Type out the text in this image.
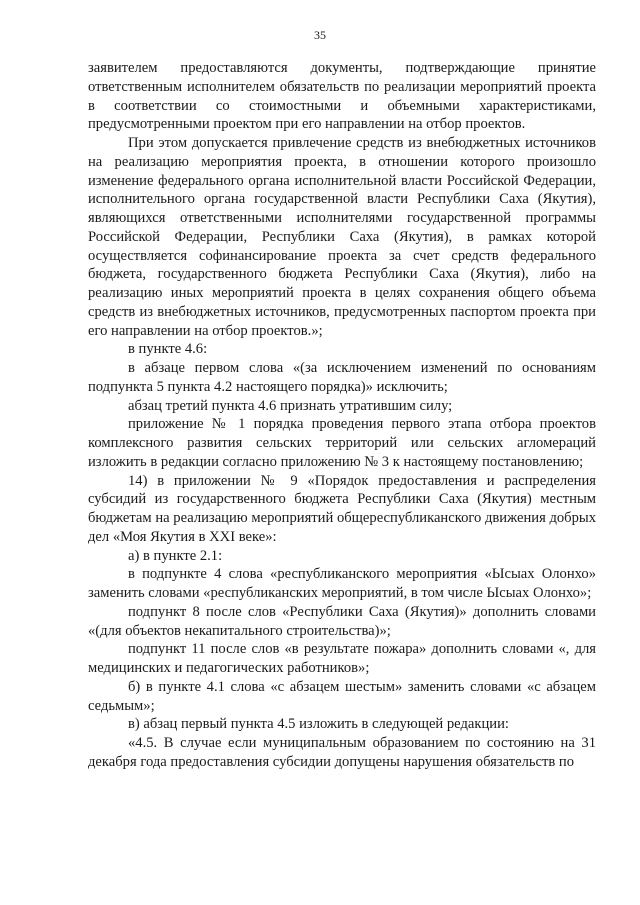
35

заявителем предоставляются документы, подтверждающие принятие ответственным исполнителем обязательств по реализации мероприятий проекта в соответствии со стоимостными и объемными характеристиками, предусмотренными проектом при его направлении на отбор проектов.

При этом допускается привлечение средств из внебюджетных источников на реализацию мероприятия проекта, в отношении которого произошло изменение федерального органа исполнительной власти Российской Федерации, исполнительного органа государственной власти Республики Саха (Якутия), являющихся ответственными исполнителями государственной программы Российской Федерации, Республики Саха (Якутия), в рамках которой осуществляется софинансирование проекта за счет средств федерального бюджета, государственного бюджета Республики Саха (Якутия), либо на реализацию иных мероприятий проекта в целях сохранения общего объема средств из внебюджетных источников, предусмотренных паспортом проекта при его направлении на отбор проектов.»;

в пункте 4.6:

в абзаце первом слова «(за исключением изменений по основаниям подпункта 5 пункта 4.2 настоящего порядка)» исключить;

абзац третий пункта 4.6 признать утратившим силу;

приложение № 1 порядка проведения первого этапа отбора проектов комплексного развития сельских территорий или сельских агломераций изложить в редакции согласно приложению № 3 к настоящему постановлению;

14) в приложении № 9 «Порядок предоставления и распределения субсидий из государственного бюджета Республики Саха (Якутия) местным бюджетам на реализацию мероприятий общереспубликанского движения добрых дел «Моя Якутия в XXI веке»:

а) в пункте 2.1:

в подпункте 4 слова «республиканского мероприятия «Ысыах Олонхо» заменить словами «республиканских мероприятий, в том числе Ысыах Олонхо»;

подпункт 8 после слов «Республики Саха (Якутия)» дополнить словами «(для объектов некапитального строительства)»;

подпункт 11 после слов «в результате пожара» дополнить словами «, для медицинских и педагогических работников»;

б) в пункте 4.1 слова «с абзацем шестым» заменить словами «с абзацем седьмым»;

в) абзац первый пункта 4.5 изложить в следующей редакции:

«4.5. В случае если муниципальным образованием по состоянию на 31 декабря года предоставления субсидии допущены нарушения обязательств по
